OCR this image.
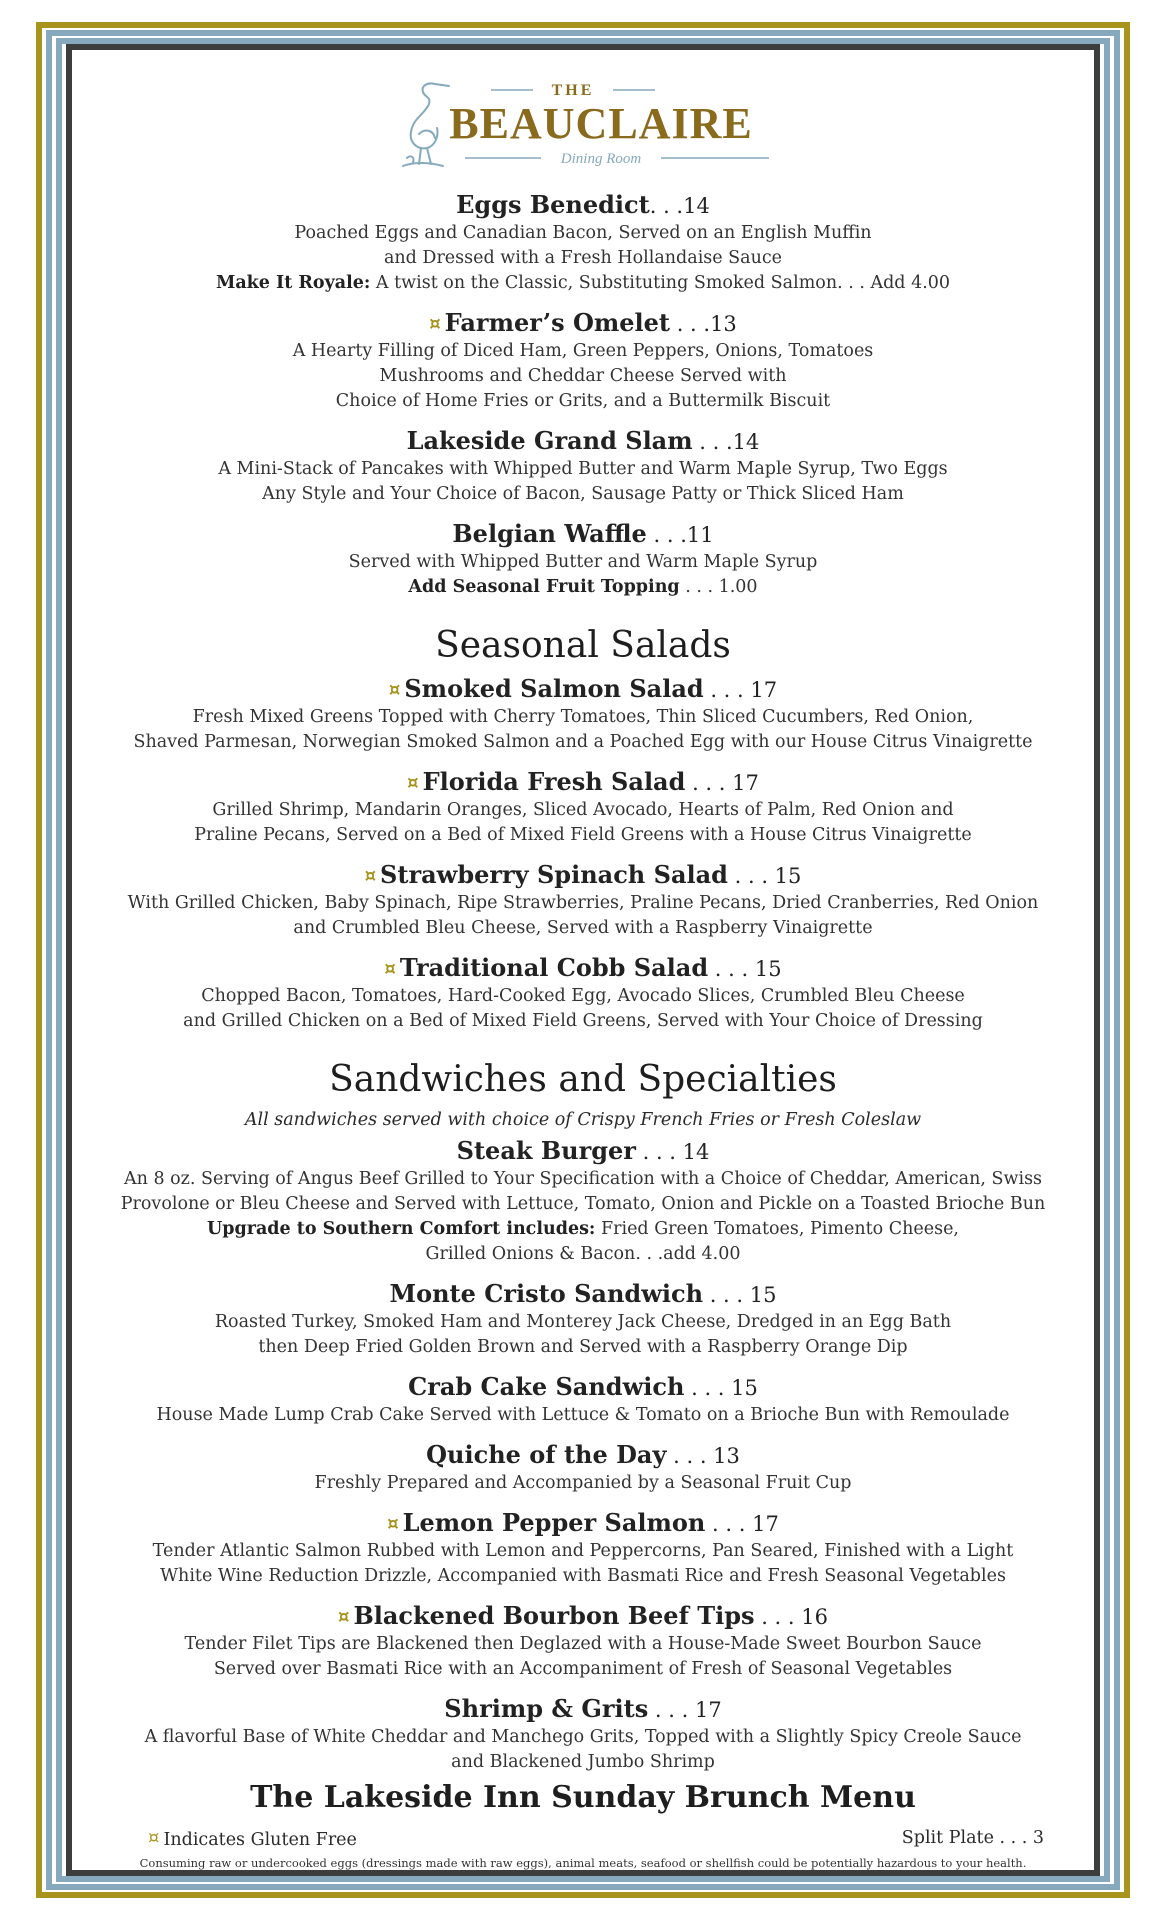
THE
BEAUCLAIRE
Dining Room
Eggs Benedict. . .14

Poached Eggs and Canadian Bacon, Served on an English Muffin

and Dressed with a Fresh Hollandaise Sauce

Make It Royale: A twist on the Classic, Substituting Smoked Salmon. . . Add 4.00

¤ Farmer’s Omelet . . .13

A Hearty Filling of Diced Ham, Green Peppers, Onions, Tomatoes

Mushrooms and Cheddar Cheese Served with

Choice of Home Fries or Grits, and a Buttermilk Biscuit

Lakeside Grand Slam . . .14

A Mini-Stack of Pancakes with Whipped Butter and Warm Maple Syrup, Two Eggs

Any Style and Your Choice of Bacon, Sausage Patty or Thick Sliced Ham

Belgian Waffle . . .11

Served with Whipped Butter and Warm Maple Syrup

Add Seasonal Fruit Topping . . . 1.00

Seasonal Salads
¤ Smoked Salmon Salad . . . 17

Fresh Mixed Greens Topped with Cherry Tomatoes, Thin Sliced Cucumbers, Red Onion,

Shaved Parmesan, Norwegian Smoked Salmon and a Poached Egg with our House Citrus Vinaigrette

¤ Florida Fresh Salad . . . 17

Grilled Shrimp, Mandarin Oranges, Sliced Avocado, Hearts of Palm, Red Onion and

Praline Pecans, Served on a Bed of Mixed Field Greens with a House Citrus Vinaigrette

¤ Strawberry Spinach Salad . . . 15

With Grilled Chicken, Baby Spinach, Ripe Strawberries, Praline Pecans, Dried Cranberries, Red Onion

and Crumbled Bleu Cheese, Served with a Raspberry Vinaigrette

¤ Traditional Cobb Salad . . . 15

Chopped Bacon, Tomatoes, Hard-Cooked Egg, Avocado Slices, Crumbled Bleu Cheese

and Grilled Chicken on a Bed of Mixed Field Greens, Served with Your Choice of Dressing

Sandwiches and Specialties

All sandwiches served with choice of Crispy French Fries or Fresh Coleslaw

Steak Burger . . . 14

An 8 oz. Serving of Angus Beef Grilled to Your Specification with a Choice of Cheddar, American, Swiss

Provolone or Bleu Cheese and Served with Lettuce, Tomato, Onion and Pickle on a Toasted Brioche Bun

Upgrade to Southern Comfort includes: Fried Green Tomatoes, Pimento Cheese,

Grilled Onions & Bacon. . .add 4.00

Monte Cristo Sandwich . . . 15

Roasted Turkey, Smoked Ham and Monterey Jack Cheese, Dredged in an Egg Bath

then Deep Fried Golden Brown and Served with a Raspberry Orange Dip

Crab Cake Sandwich . . . 15

House Made Lump Crab Cake Served with Lettuce & Tomato on a Brioche Bun with Remoulade

Quiche of the Day . . . 13

Freshly Prepared and Accompanied by a Seasonal Fruit Cup

¤ Lemon Pepper Salmon . . . 17

Tender Atlantic Salmon Rubbed with Lemon and Peppercorns, Pan Seared, Finished with a Light

White Wine Reduction Drizzle, Accompanied with Basmati Rice and Fresh Seasonal Vegetables

¤ Blackened Bourbon Beef Tips . . . 16

Tender Filet Tips are Blackened then Deglazed with a House-Made Sweet Bourbon Sauce

Served over Basmati Rice with an Accompaniment of Fresh of Seasonal Vegetables

Shrimp & Grits . . . 17

A flavorful Base of White Cheddar and Manchego Grits, Topped with a Slightly Spicy Creole Sauce

and Blackened Jumbo Shrimp

The Lakeside Inn Sunday Brunch Menu
¤ Indicates Gluten Free	Split Plate . . . 3
Consuming raw or undercooked eggs (dressings made with raw eggs), animal meats, seafood or shellfish could be potentially hazardous to your health.
